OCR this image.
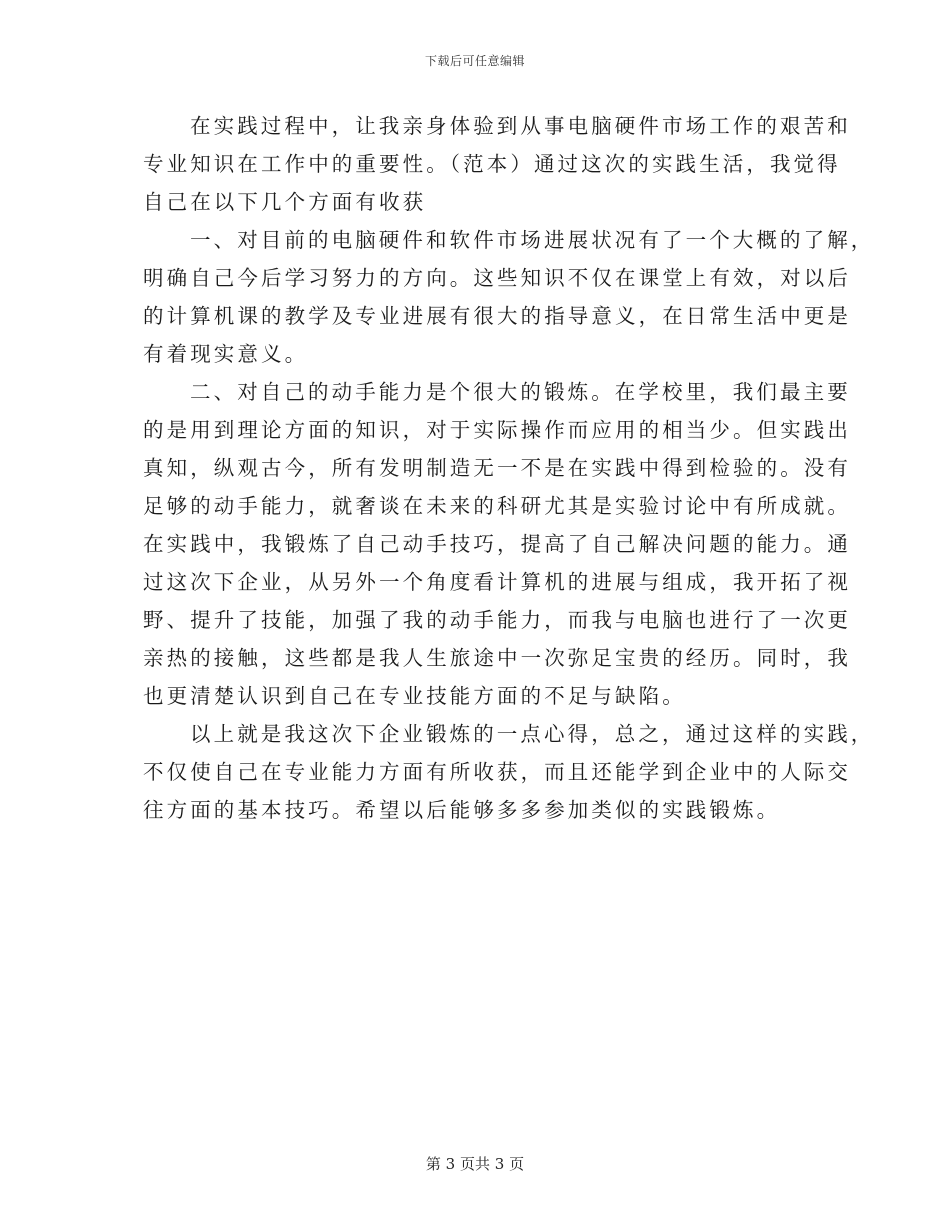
下载后可任意编辑
在实践过程中，让我亲身体验到从事电脑硬件市场工作的艰苦和
专业知识在工作中的重要性。（范本）通过这次的实践生活，我觉得
自己在以下几个方面有收获
一、对目前的电脑硬件和软件市场进展状况有了一个大概的了解，
明确自己今后学习努力的方向。这些知识不仅在课堂上有效，对以后
的计算机课的教学及专业进展有很大的指导意义，在日常生活中更是
有着现实意义。
二、对自己的动手能力是个很大的锻炼。在学校里，我们最主要
的是用到理论方面的知识，对于实际操作而应用的相当少。但实践出
真知，纵观古今，所有发明制造无一不是在实践中得到检验的。没有
足够的动手能力，就奢谈在未来的科研尤其是实验讨论中有所成就。
在实践中，我锻炼了自己动手技巧，提高了自己解决问题的能力。通
过这次下企业，从另外一个角度看计算机的进展与组成，我开拓了视
野、提升了技能，加强了我的动手能力，而我与电脑也进行了一次更
亲热的接触，这些都是我人生旅途中一次弥足宝贵的经历。同时，我
也更清楚认识到自己在专业技能方面的不足与缺陷。
以上就是我这次下企业锻炼的一点心得，总之，通过这样的实践，
不仅使自己在专业能力方面有所收获，而且还能学到企业中的人际交
往方面的基本技巧。希望以后能够多多参加类似的实践锻炼。
第 3 页共 3 页
